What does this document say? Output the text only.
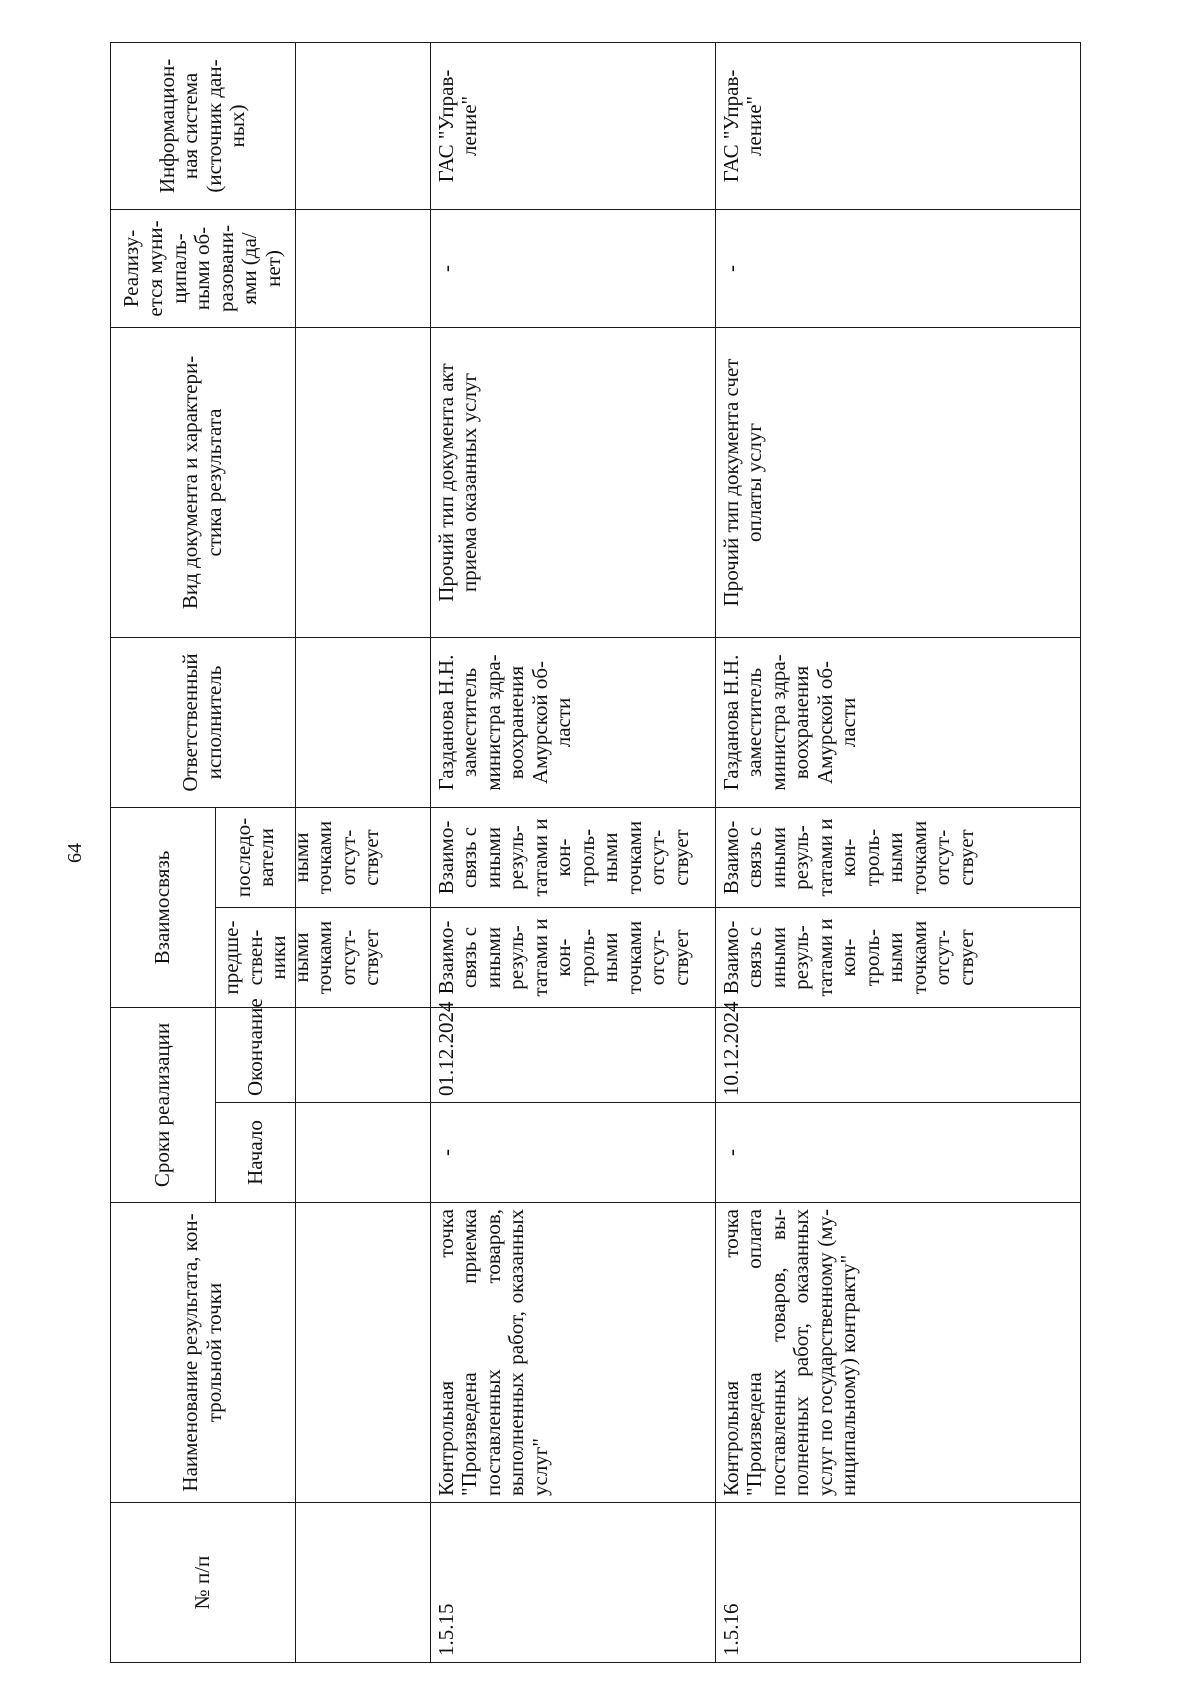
64
№ п/п	Наименование результата, кон-трольной точки	Сроки реализации		Взаимосвязь		Ответственный исполнитель	Вид документа и характери-стика результата	Реализу-ется муни-ципаль-ными об-разовани-ями (да/нет)	Информацион-ная система (источник дан-ных)
		Начало	Окончание	предше-ствен-ники	последо-ватели				

				ными точками отсут-ствует	ными точками отсут-ствует				

1.5.15	Контрольная точка "Произведена приемка поставленных товаров, выполненных работ, оказанных услуг"	-	01.12.2024	Взаимо-связь с иными резуль-татами и кон-троль-ными точками отсут-ствует	Взаимо-связь с иными резуль-татами и кон-троль-ными точками отсут-ствует	Газданова Н.Н. заместитель министра здра-воохранения Амурской об-ласти	Прочий тип документа акт приема оказанных услуг	-	ГАС "Управ-ление"
1.5.16	Контрольная точка "Произведена оплата поставленных товаров, вы-полненных работ, оказанных услуг по государственному (му-ниципальному) контракту"	-	10.12.2024	Взаимо-связь с иными резуль-татами и кон-троль-ными точками отсут-ствует	Взаимо-связь с иными резуль-татами и кон-троль-ными точками отсут-ствует	Газданова Н.Н. заместитель министра здра-воохранения Амурской об-ласти	Прочий тип документа счет оплаты услуг	-	ГАС "Управ-ление"
